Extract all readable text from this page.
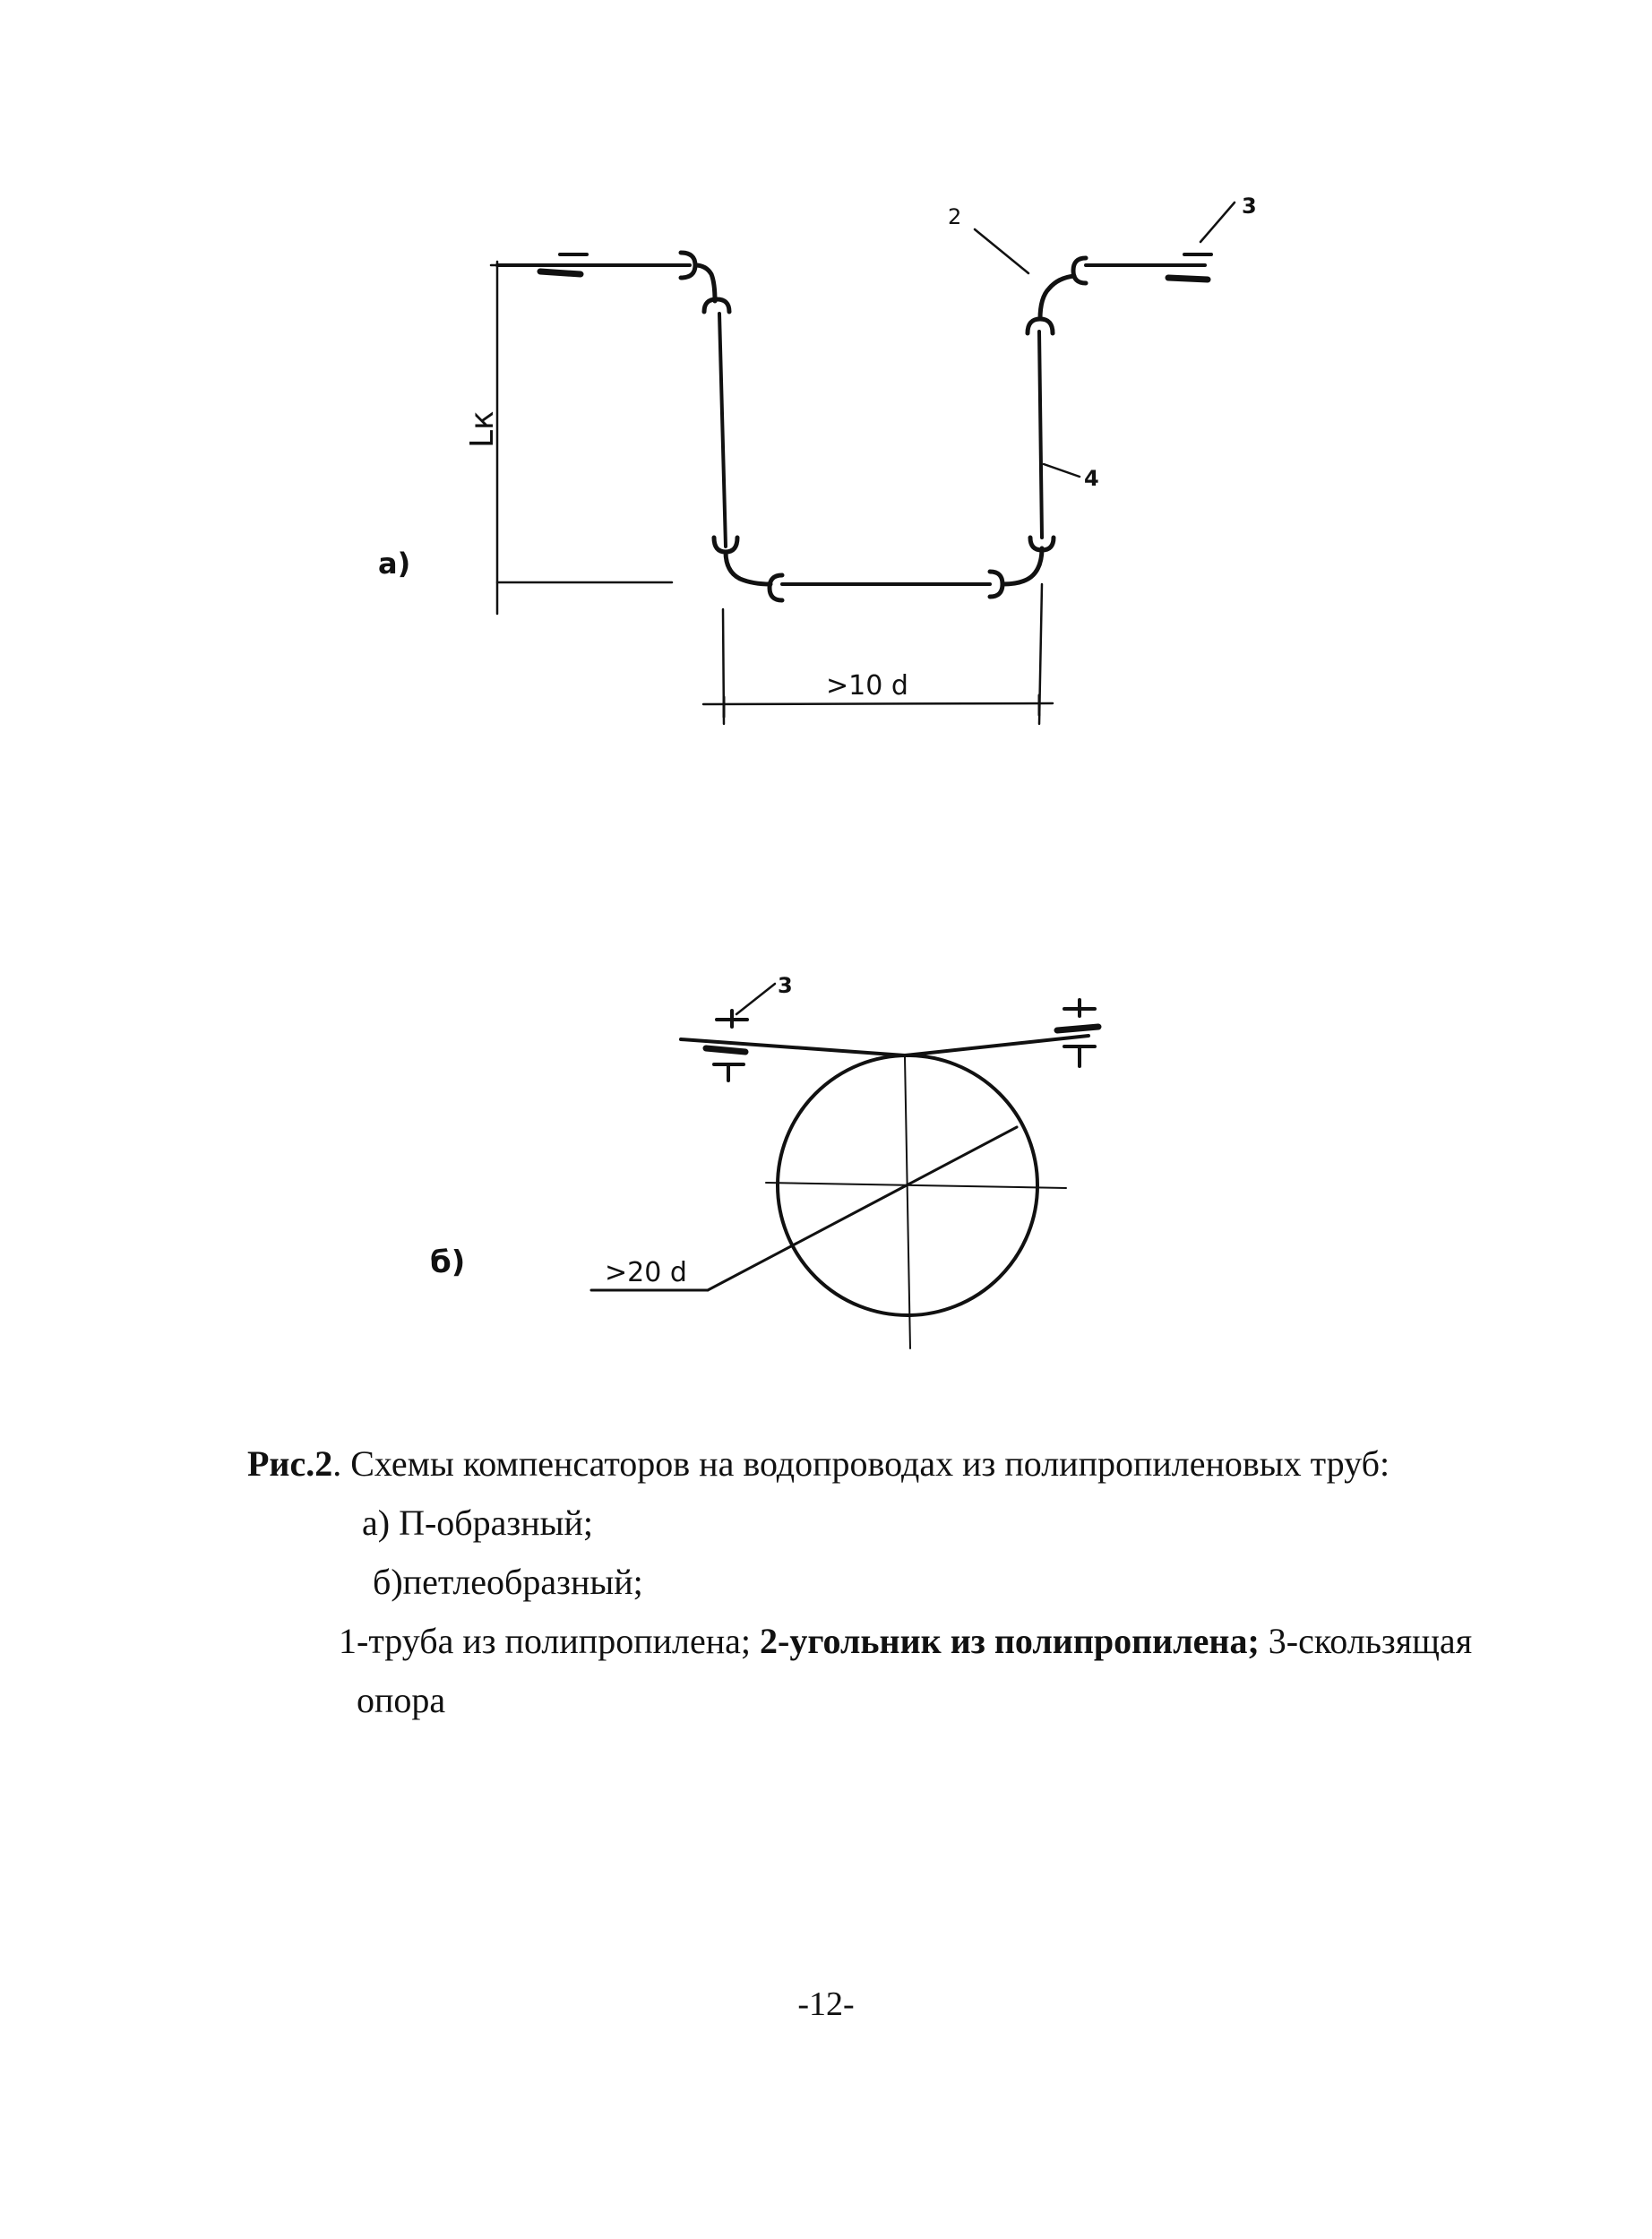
а)
Lк
>10 d
2	3
4
б)
3
>20 d
Рис.2. Схемы компенсаторов на водопроводах из полипропиленовых труб:
а) П-образный;
б)петлеобразный;
1-труба из полипропилена; 2-угольник из полипропилена; 3-скользящая
опора
-12-
